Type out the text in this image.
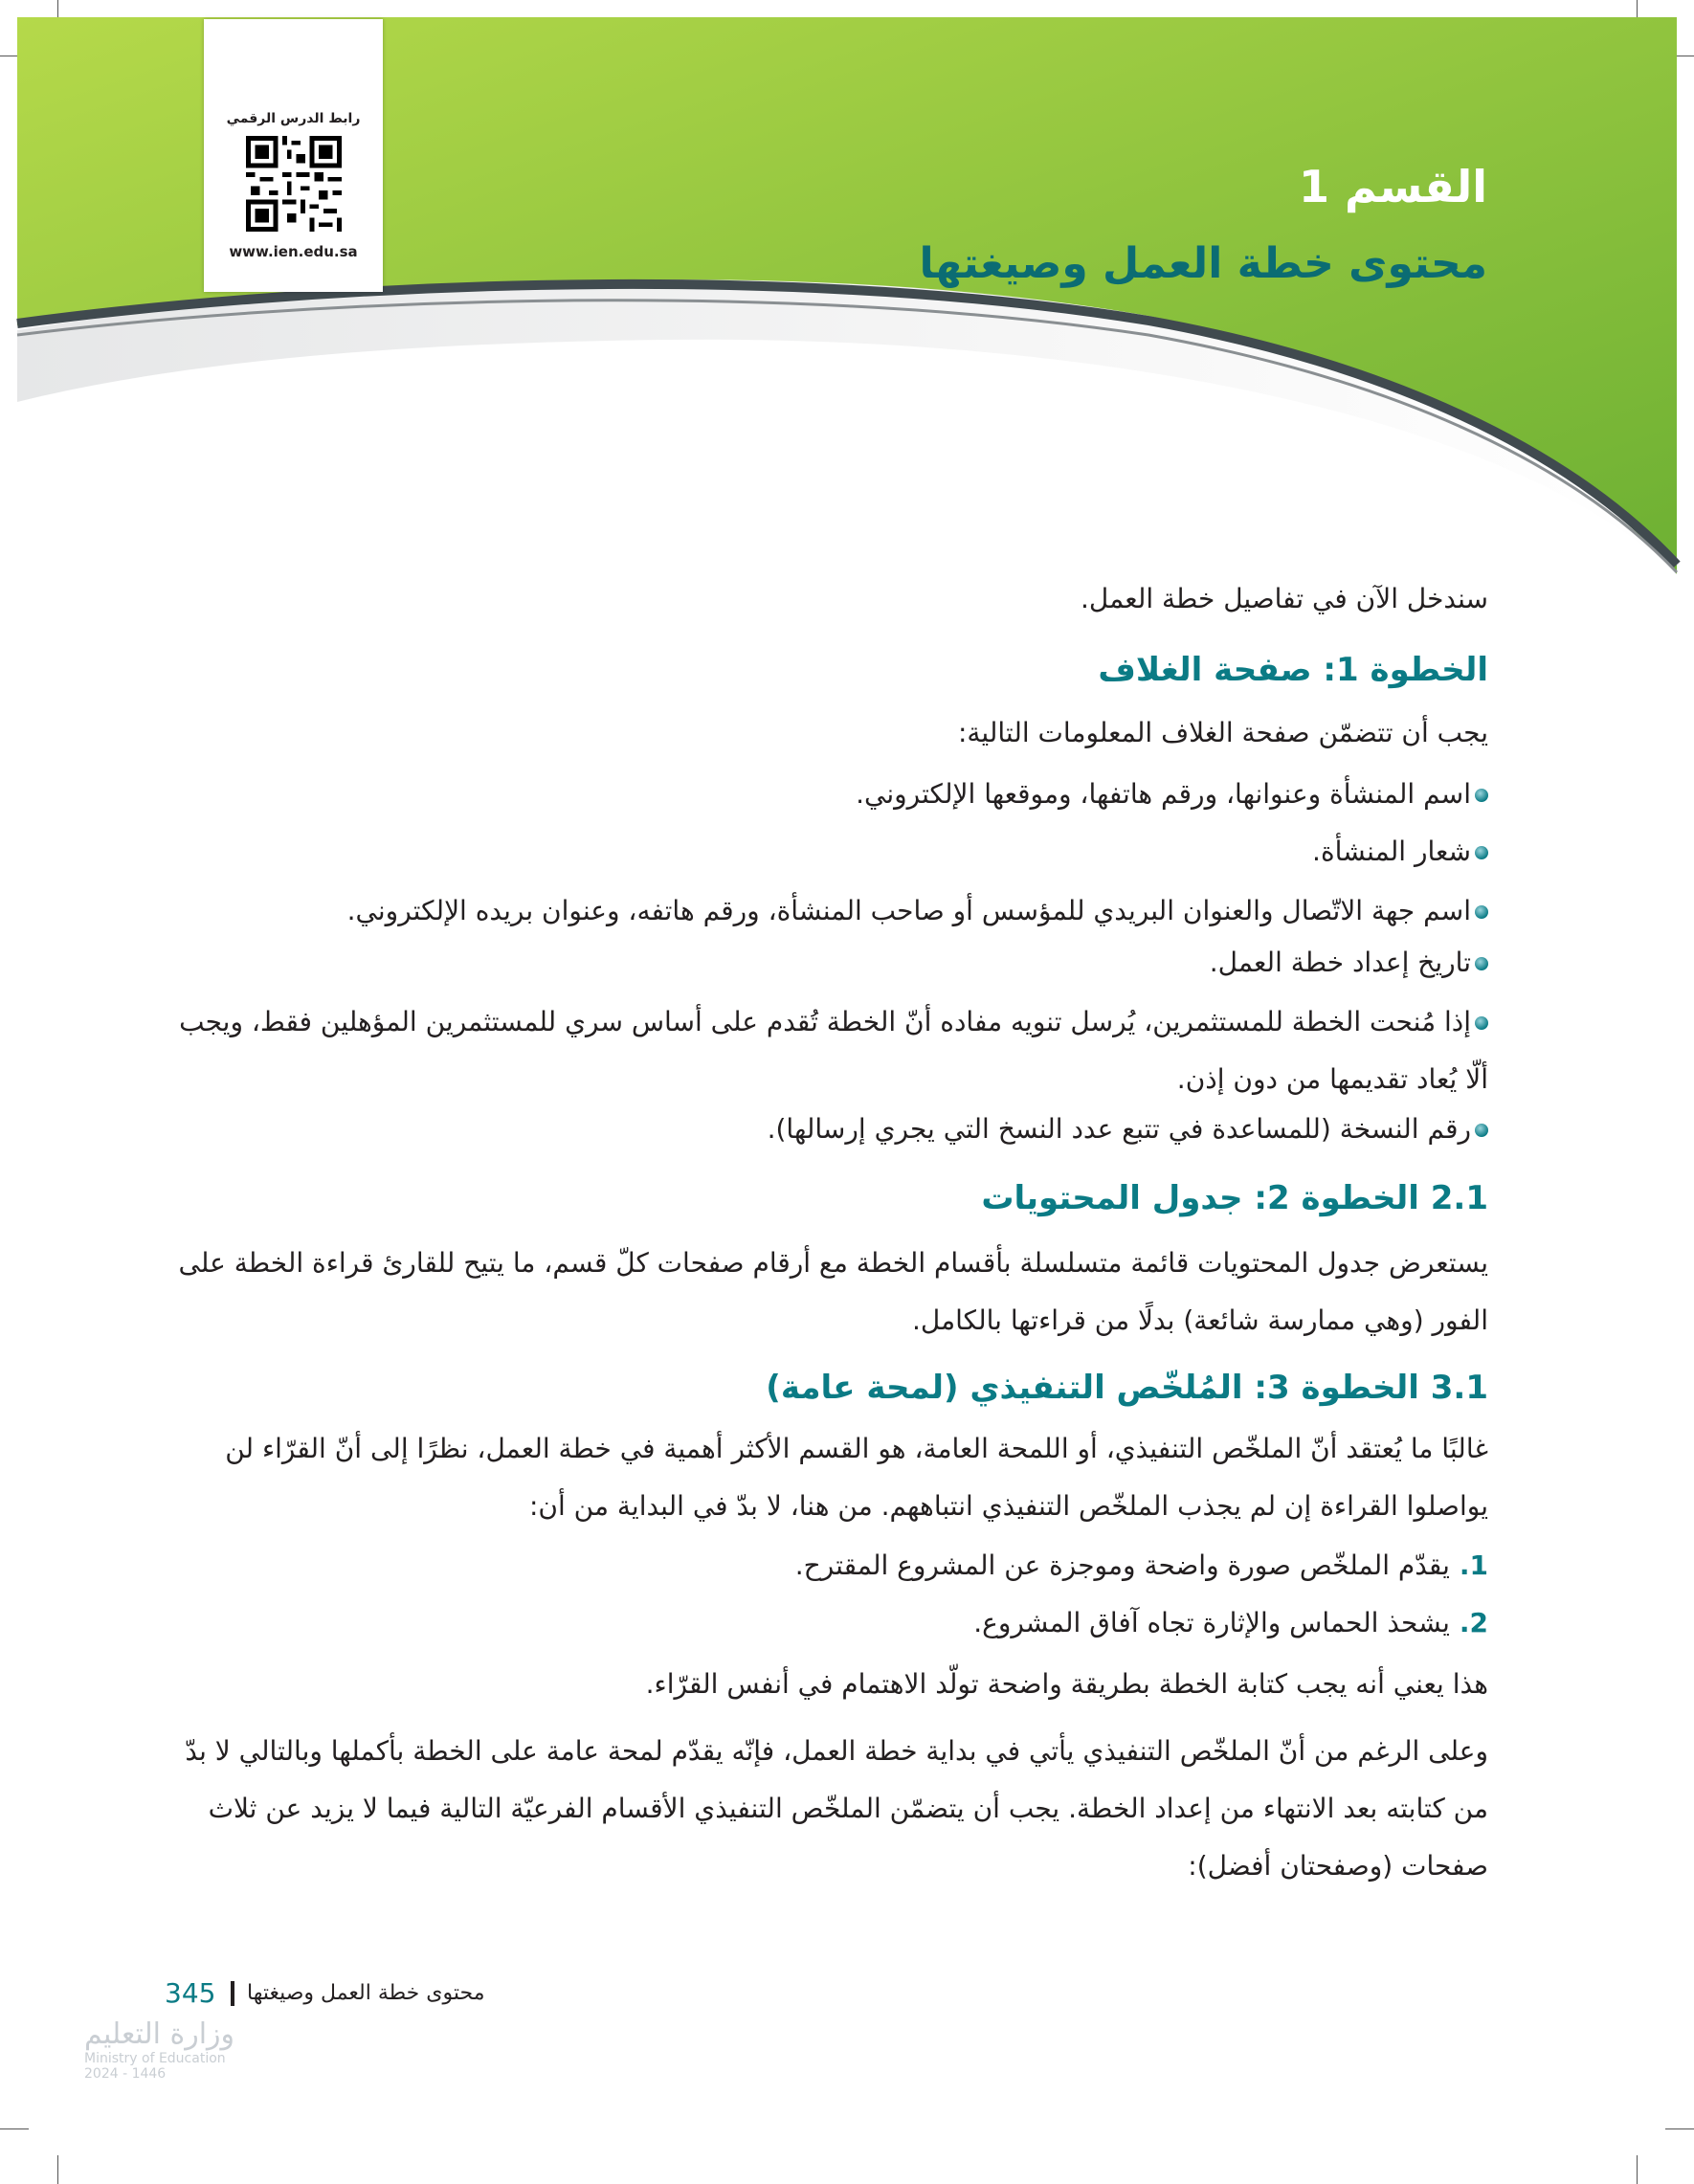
رابط الدرس الرقمي
www.ien.edu.sa
القسم 1
محتوى خطة العمل وصيغتها
سندخل الآن في تفاصيل خطة العمل.
الخطوة 1: صفحة الغلاف
يجب أن تتضمّن صفحة الغلاف المعلومات التالية:
اسم المنشأة وعنوانها، ورقم هاتفها، وموقعها الإلكتروني.
شعار المنشأة.
اسم جهة الاتّصال والعنوان البريدي للمؤسس أو صاحب المنشأة، ورقم هاتفه، وعنوان بريده الإلكتروني.
تاريخ إعداد خطة العمل.
إذا مُنحت الخطة للمستثمرين، يُرسل تنويه مفاده أنّ الخطة تُقدم على أساس سري للمستثمرين المؤهلين فقط، ويجب ألّا يُعاد تقديمها من دون إذن.
رقم النسخة (للمساعدة في تتبع عدد النسخ التي يجري إرسالها).
2.1 الخطوة 2: جدول المحتويات
يستعرض جدول المحتويات قائمة متسلسلة بأقسام الخطة مع أرقام صفحات كلّ قسم، ما يتيح للقارئ قراءة الخطة على الفور (وهي ممارسة شائعة) بدلًا من قراءتها بالكامل.
3.1 الخطوة 3: المُلخّص التنفيذي (لمحة عامة)
غالبًا ما يُعتقد أنّ الملخّص التنفيذي، أو اللمحة العامة، هو القسم الأكثر أهمية في خطة العمل، نظرًا إلى أنّ القرّاء لن يواصلوا القراءة إن لم يجذب الملخّص التنفيذي انتباههم. من هنا، لا بدّ في البداية من أن:
1.يقدّم الملخّص صورة واضحة وموجزة عن المشروع المقترح.
2.يشحذ الحماس والإثارة تجاه آفاق المشروع.
هذا يعني أنه يجب كتابة الخطة بطريقة واضحة تولّد الاهتمام في أنفس القرّاء.
وعلى الرغم من أنّ الملخّص التنفيذي يأتي في بداية خطة العمل، فإنّه يقدّم لمحة عامة على الخطة بأكملها وبالتالي لا بدّ من كتابته بعد الانتهاء من إعداد الخطة. يجب أن يتضمّن الملخّص التنفيذي الأقسام الفرعيّة التالية فيما لا يزيد عن ثلاث صفحات (وصفحتان أفضل):
345 محتوى خطة العمل وصيغتها
وزارة التعليم
Ministry of Education
2024 - 1446
